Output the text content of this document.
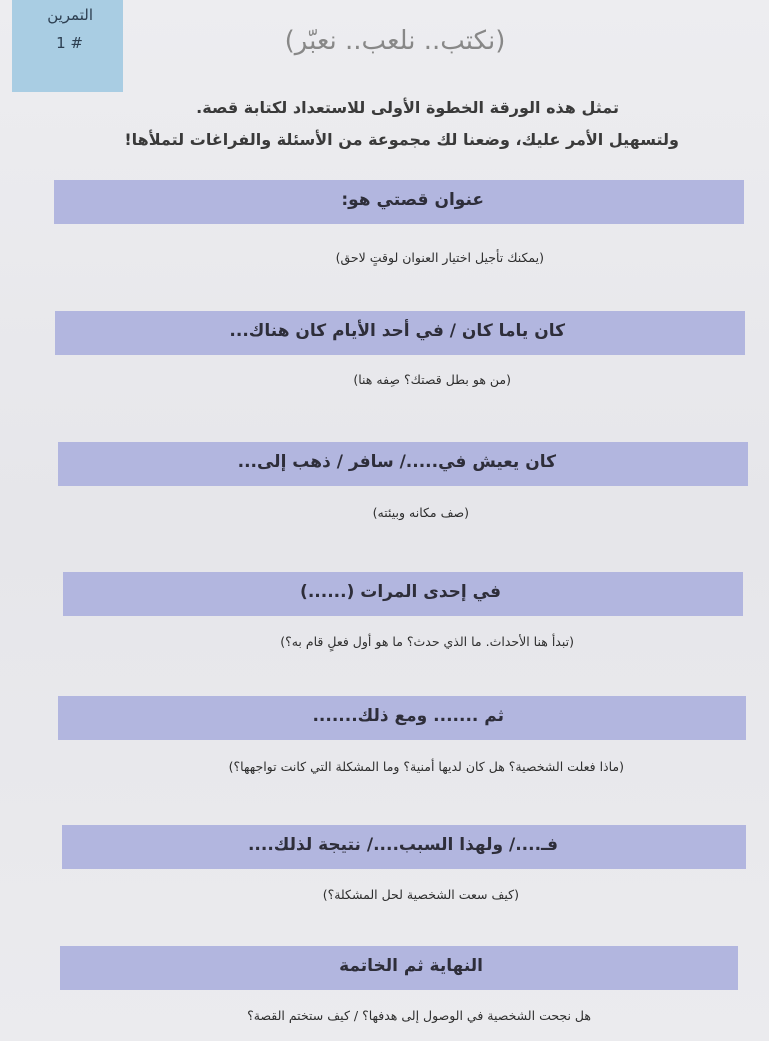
التمرين
1 #	(نكتب.. نلعب.. نعبّر)
تمثل هذه الورقة الخطوة الأولى للاستعداد لكتابة قصة.
ولتسهيل الأمر عليك، وضعنا لك مجموعة من الأسئلة والفراغات لتملأها!
عنوان قصتي هو:
(يمكنك تأجيل اختيار العنوان لوقتٍ لاحق)
كان ياما كان / في أحد الأيام كان هناك...
(من هو بطل قصتك؟ صِفه هنا)
كان يعيش في...../ سافر / ذهب إلى...
(صف مكانه وبيئته)
في إحدى المرات (......)
(تبدأ هنا الأحداث. ما الذي حدث؟ ما هو أول فعلٍ قام به؟)
ثم ....... ومع ذلك.......
(ماذا فعلت الشخصية؟ هل كان لديها أمنية؟ وما المشكلة التي كانت تواجهها؟)
فـ..../ ولهذا السبب..../ نتيجة لذلك....
(كيف سعت الشخصية لحل المشكلة؟)
النهاية ثم الخاتمة
هل نجحت الشخصية في الوصول إلى هدفها؟ / كيف ستختم القصة؟
